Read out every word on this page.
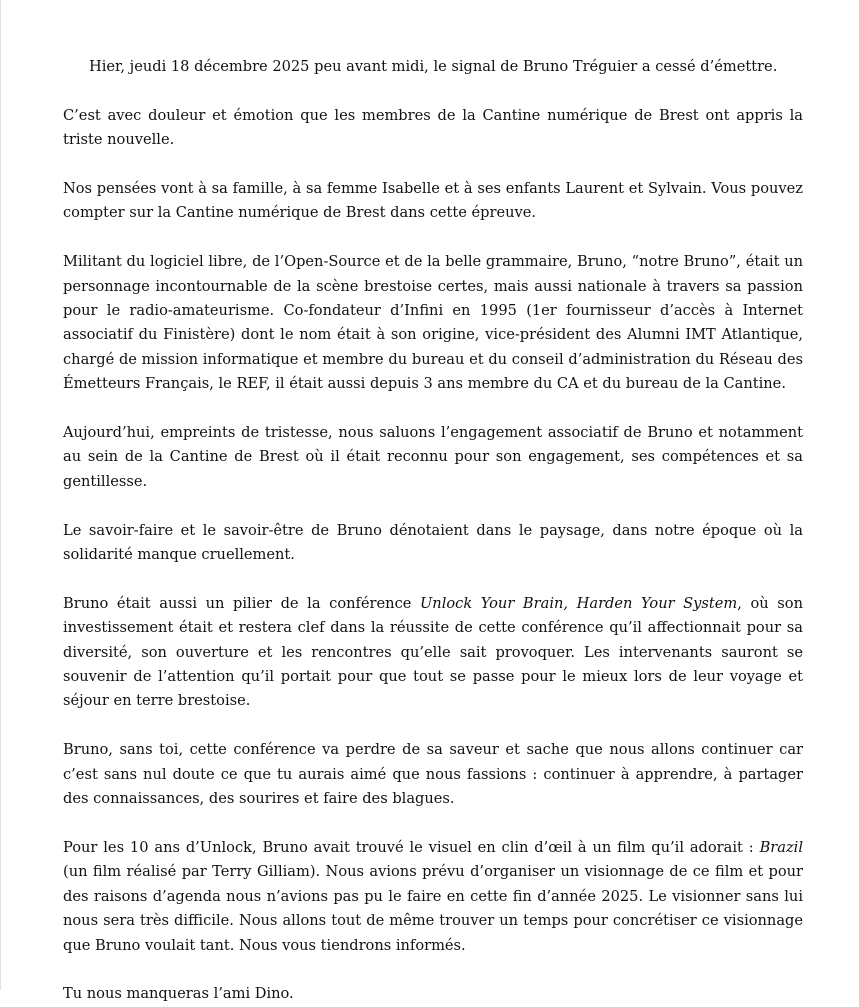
Hier, jeudi 18 décembre 2025 peu avant midi, le signal de Bruno Tréguier a cessé d’émettre.

C’est avec douleur et émotion que les membres de la Cantine numérique de Brest ont appris la triste nouvelle.

Nos pensées vont à sa famille, à sa femme Isabelle et à ses enfants Laurent et Sylvain. Vous pouvez compter sur la Cantine numérique de Brest dans cette épreuve.

Militant du logiciel libre, de l’Open-Source et de la belle grammaire, Bruno, “notre Bruno”, était un personnage incontournable de la scène brestoise certes, mais aussi nationale à travers sa passion pour le radio-amateurisme. Co-fondateur d’Infini en 1995 (1er fournisseur d’accès à Internet associatif du Finistère) dont le nom était à son origine, vice-président des Alumni IMT Atlantique, chargé de mission informatique et membre du bureau et du conseil d’administration du Réseau des Émetteurs Français, le REF, il était aussi depuis 3 ans membre du CA et du bureau de la Cantine.

Aujourd’hui, empreints de tristesse, nous saluons l’engagement associatif de Bruno et notamment au sein de la Cantine de Brest où il était reconnu pour son engagement, ses compétences et sa gentillesse.

Le savoir-faire et le savoir-être de Bruno dénotaient dans le paysage, dans notre époque où la solidarité manque cruellement.

Bruno était aussi un pilier de la conférence Unlock Your Brain, Harden Your System, où son investissement était et restera clef dans la réussite de cette conférence qu’il affectionnait pour sa diversité, son ouverture et les rencontres qu’elle sait provoquer. Les intervenants sauront se souvenir de l’attention qu’il portait pour que tout se passe pour le mieux lors de leur voyage et séjour en terre brestoise.

Bruno, sans toi, cette conférence va perdre de sa saveur et sache que nous allons continuer car c’est sans nul doute ce que tu aurais aimé que nous fassions : continuer à apprendre, à partager des connaissances, des sourires et faire des blagues.

Pour les 10 ans d’Unlock, Bruno avait trouvé le visuel en clin d’œil à un film qu’il adorait : Brazil (un film réalisé par Terry Gilliam). Nous avions prévu d’organiser un visionnage de ce film et pour des raisons d’agenda nous n’avions pas pu le faire en cette fin d’année 2025. Le visionner sans lui nous sera très difficile. Nous allons tout de même trouver un temps pour concrétiser ce visionnage que Bruno voulait tant. Nous vous tiendrons informés.

Tu nous manqueras l’ami Dino.
